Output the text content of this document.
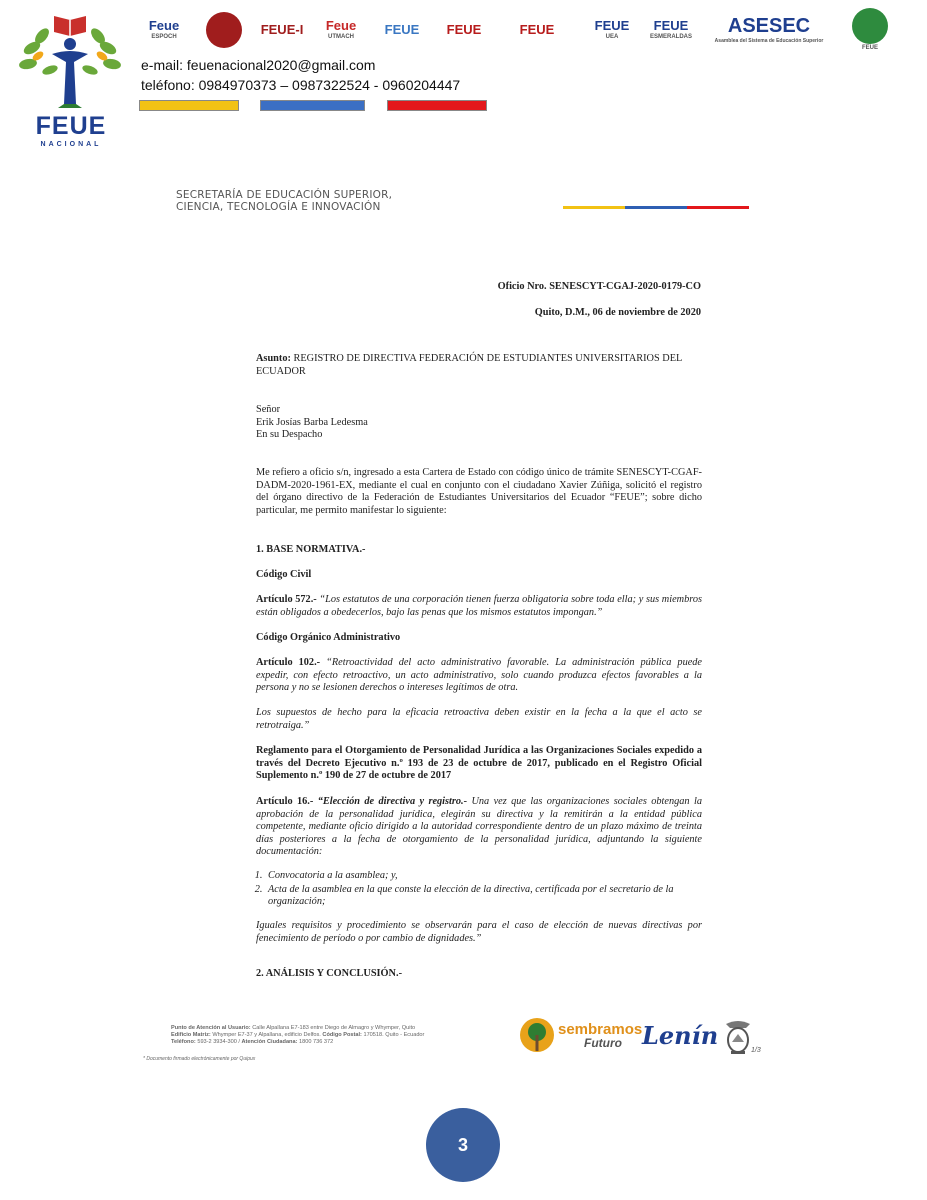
FEUE
NACIONAL
Feue
ESPOCH	FEUE-I Feue
UTMACH FEUE FEUE	FEUE	FEUE
UEA
FEUE
ESMERALDAS ASESEC
Asamblea del Sistema de Educación Superior
FEUE
e-mail: feuenacional2020@gmail.com
teléfono: 0984970373 – 0987322524 - 0960204447
SECRETARÍA DE EDUCACIÓN SUPERIOR,
CIENCIA, TECNOLOGÍA E INNOVACIÓN
Oficio Nro. SENESCYT-CGAJ-2020-0179-CO
Quito, D.M., 06 de noviembre de 2020
Asunto: REGISTRO DE DIRECTIVA FEDERACIÓN DE ESTUDIANTES UNIVERSITARIOS DEL
ECUADOR
Señor
Erik Josías Barba Ledesma
En su Despacho
Me refiero a oficio s/n, ingresado a esta Cartera de Estado con código único de trámite SENESCYT-CGAF-DADM-2020-1961-EX, mediante el cual en conjunto con el ciudadano Xavier Zúñiga, solicitó el registro del órgano directivo de la Federación de Estudiantes Universitarios del Ecuador “FEUE”; sobre dicho particular, me permito manifestar lo siguiente:
1. BASE NORMATIVA.-
Código Civil
Artículo 572.- “Los estatutos de una corporación tienen fuerza obligatoria sobre toda ella; y sus miembros están obligados a obedecerlos, bajo las penas que los mismos estatutos impongan.”
Código Orgánico Administrativo
Artículo 102.- “Retroactividad del acto administrativo favorable. La administración pública puede expedir, con efecto retroactivo, un acto administrativo, solo cuando produzca efectos favorables a la persona y no se lesionen derechos o intereses legítimos de otra.
Los supuestos de hecho para la eficacia retroactiva deben existir en la fecha a la que el acto se retrotraiga.”
Reglamento para el Otorgamiento de Personalidad Jurídica a las Organizaciones Sociales expedido a través del Decreto Ejecutivo n.º 193 de 23 de octubre de 2017, publicado en el Registro Oficial Suplemento n.º 190 de 27 de octubre de 2017
Artículo 16.- “Elección de directiva y registro.- Una vez que las organizaciones sociales obtengan la aprobación de la personalidad jurídica, elegirán su directiva y la remitirán a la entidad pública competente, mediante oficio dirigido a la autoridad correspondiente dentro de un plazo máximo de treinta días posteriores a la fecha de otorgamiento de la personalidad jurídica, adjuntando la siguiente documentación:
1. Convocatoria a la asamblea; y,
2. Acta de la asamblea en la que conste la elección de la directiva, certificada por el secretario de la organización;
Iguales requisitos y procedimiento se observarán para el caso de elección de nuevas directivas por fenecimiento de período o por cambio de dignidades.”
2. ANÁLISIS Y CONCLUSIÓN.-
Punto de Atención al Usuario: Calle Alpallana E7-183 entre Diego de Almagro y Whymper, Quito
Edificio Matriz: Whymper E7-37 y Alpallana, edificio Delfos. Código Postal: 170518. Quito - Ecuador
Teléfono: 593-2 3934-300 / Atención Ciudadana: 1800 736 372
* Documento firmado electrónicamente por Quipux
sembramos
Futuro Lenín
1/3
3
